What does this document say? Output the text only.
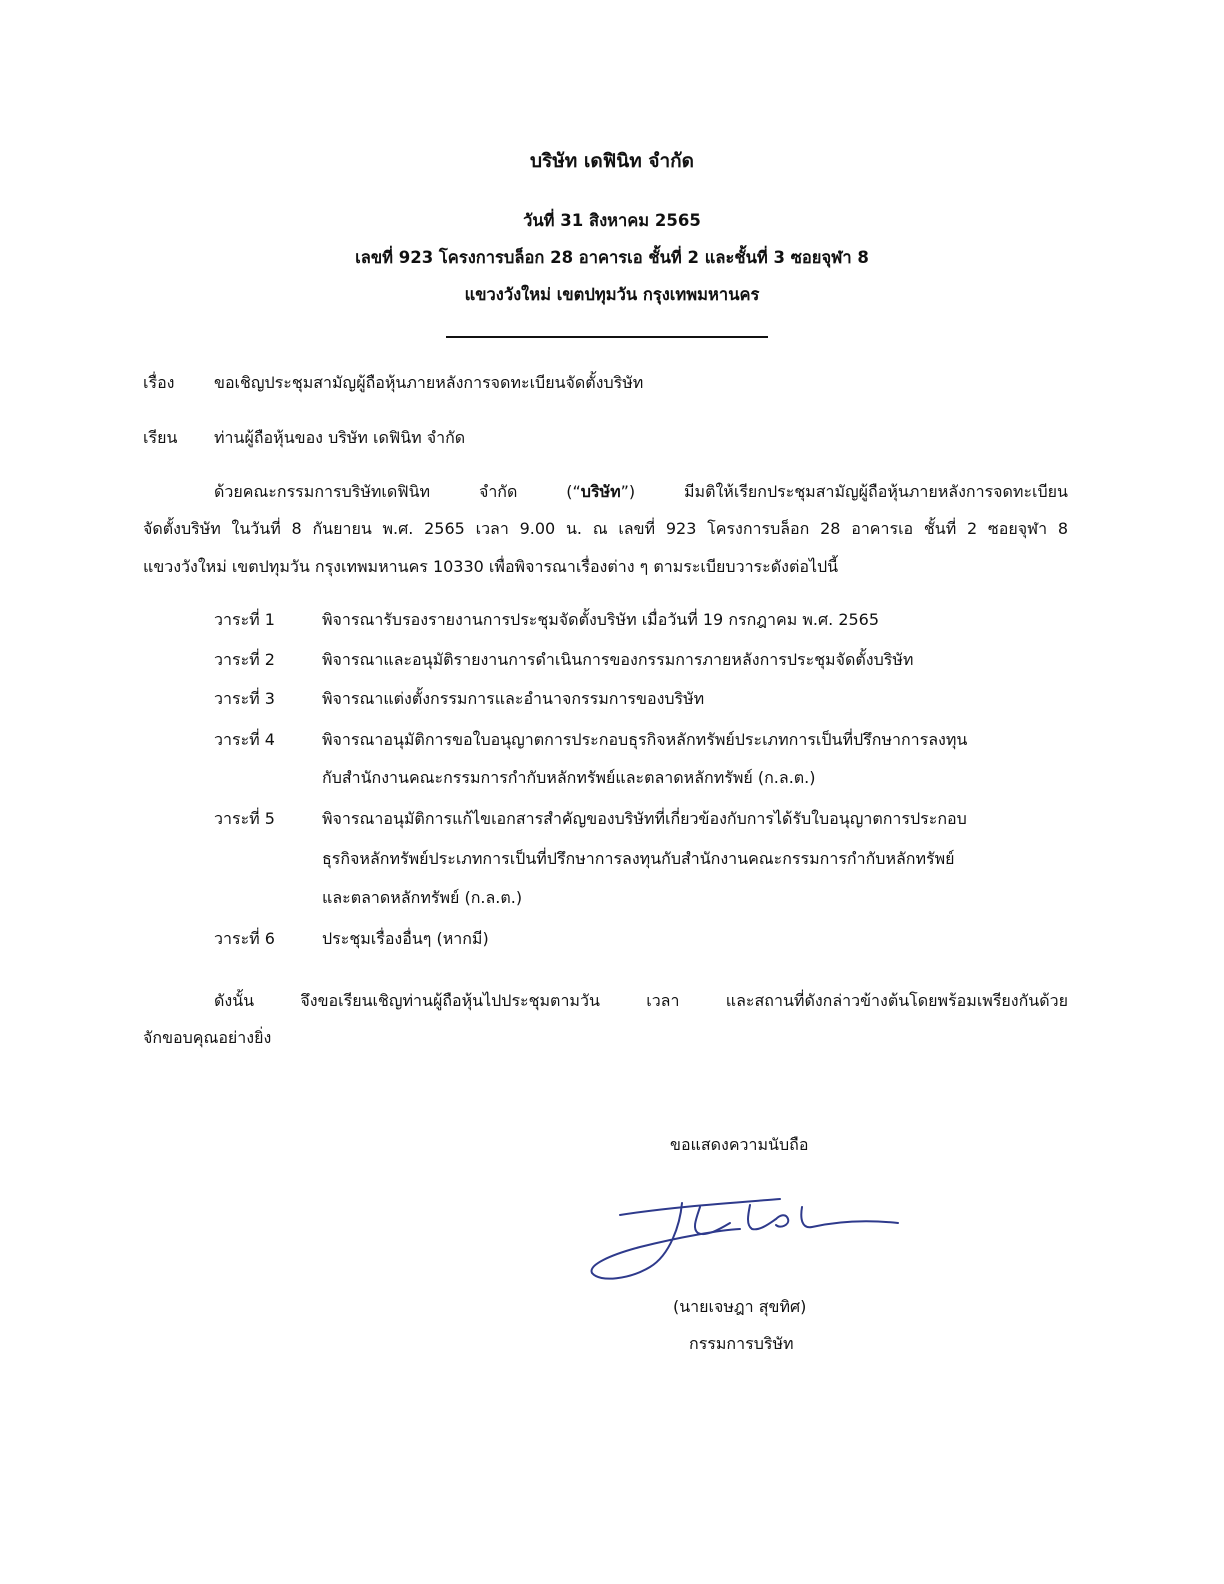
บริษัท เดฟินิท จำกัด
วันที่ 31 สิงหาคม 2565
เลขที่ 923 โครงการบล็อก 28 อาคารเอ ชั้นที่ 2 และชั้นที่ 3 ซอยจุฬา 8
แขวงวังใหม่ เขตปทุมวัน กรุงเทพมหานคร
เรื่อง ขอเชิญประชุมสามัญผู้ถือหุ้นภายหลังการจดทะเบียนจัดตั้งบริษัท
เรียน ท่านผู้ถือหุ้นของ บริษัท เดฟินิท จำกัด
ด้วยคณะกรรมการบริษัทเดฟินิท จำกัด (“บริษัท”) มีมติให้เรียกประชุมสามัญผู้ถือหุ้นภายหลังการจดทะเบียน
จัดตั้งบริษัท ในวันที่ 8 กันยายน พ.ศ. 2565 เวลา 9.00 น. ณ เลขที่ 923 โครงการบล็อก 28 อาคารเอ ชั้นที่ 2 ซอยจุฬา 8
แขวงวังใหม่ เขตปทุมวัน กรุงเทพมหานคร 10330 เพื่อพิจารณาเรื่องต่าง ๆ ตามระเบียบวาระดังต่อไปนี้
วาระที่ 1	พิจารณารับรองรายงานการประชุมจัดตั้งบริษัท เมื่อวันที่ 19 กรกฎาคม พ.ศ. 2565
วาระที่ 2	พิจารณาและอนุมัติรายงานการดำเนินการของกรรมการภายหลังการประชุมจัดตั้งบริษัท
วาระที่ 3	พิจารณาแต่งตั้งกรรมการและอำนาจกรรมการของบริษัท
วาระที่ 4	พิจารณาอนุมัติการขอใบอนุญาตการประกอบธุรกิจหลักทรัพย์ประเภทการเป็นที่ปรึกษาการลงทุน
กับสำนักงานคณะกรรมการกำกับหลักทรัพย์และตลาดหลักทรัพย์ (ก.ล.ต.)
วาระที่ 5	พิจารณาอนุมัติการแก้ไขเอกสารสำคัญของบริษัทที่เกี่ยวข้องกับการได้รับใบอนุญาตการประกอบ
ธุรกิจหลักทรัพย์ประเภทการเป็นที่ปรึกษาการลงทุนกับสำนักงานคณะกรรมการกำกับหลักทรัพย์
และตลาดหลักทรัพย์ (ก.ล.ต.)
วาระที่ 6	ประชุมเรื่องอื่นๆ (หากมี)
ดังนั้น จึงขอเรียนเชิญท่านผู้ถือหุ้นไปประชุมตามวัน เวลา และสถานที่ดังกล่าวข้างต้นโดยพร้อมเพรียงกันด้วย
จักขอบคุณอย่างยิ่ง
ขอแสดงความนับถือ
(นายเจษฎา สุขทิศ)
กรรมการบริษัท
